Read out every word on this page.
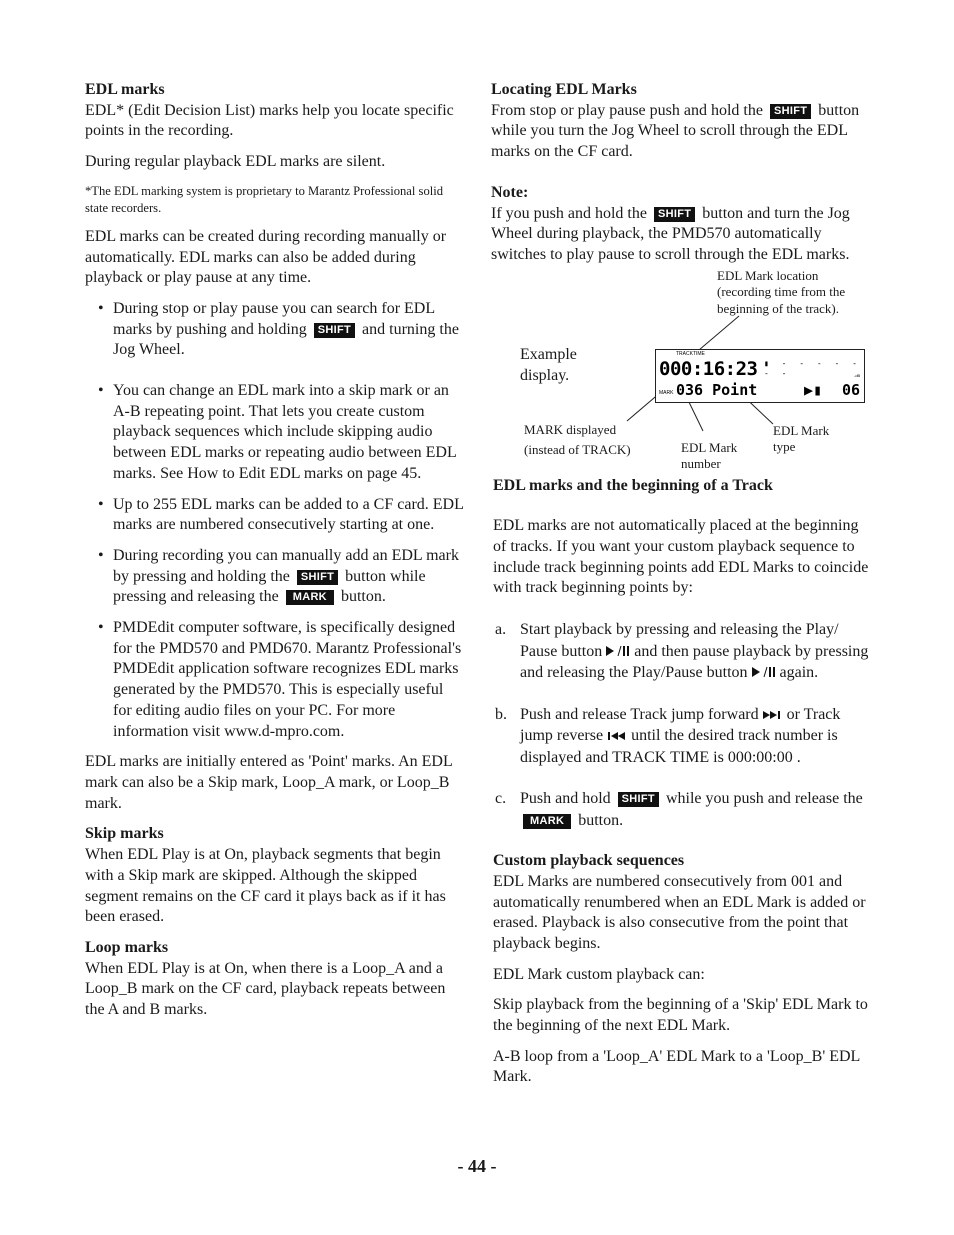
EDL marks

EDL* (Edit Decision List) marks help you locate specific points in the recording.

During regular playback EDL marks are silent.

*The EDL marking system is proprietary to Marantz Professional solid state recorders.

EDL marks can be created during recording manually or automatically. EDL marks can also be added during playback or play pause at any time.

• During stop or play pause you can search for EDL marks by pushing and holding SHIFT and turning the Jog Wheel.
• You can change an EDL mark into a skip mark or an A-B repeating point. That lets you create custom playback sequences which include skipping audio between EDL marks or repeating audio between EDL marks. See How to Edit EDL marks on page 45.
• Up to 255 EDL marks can be added to a CF card. EDL marks are numbered consecutively starting at one.
• During recording you can manually add an EDL mark by pressing and holding the SHIFT button while pressing and releasing the MARK button.
• PMDEdit computer software, is specifically designed for the PMD570 and PMD670. Marantz Professional's PMDEdit application software recognizes EDL marks generated by the PMD570. This is especially useful for editing audio files on your PC. For more information visit www.d-mpro.com.

EDL marks are initially entered as 'Point' marks. An EDL mark can also be a Skip mark, Loop_A mark, or Loop_B mark.

Skip marks

When EDL Play is at On, playback segments that begin with a Skip mark are skipped. Although the skipped segment remains on the CF card it plays back as if it has been erased.

Loop marks

When EDL Play is at On, when there is a Loop_A and a Loop_B mark on the CF card, playback repeats between the A and B marks.

Locating EDL Marks

From stop or play pause push and hold the SHIFT button while you turn the Jog Wheel to scroll through the EDL marks on the CF card.

Note:

If you push and hold the SHIFT button and turn the Jog Wheel during playback, the PMD570 automatically switches to play pause to scroll through the EDL marks.

EDL Mark location (recording time from the beginning of the track).
Example display.
TRACKTIME
000:16:23 ▮ - - - - - - -	-dB
MARK 036 Point	▶▮ 06
MARK displayed (instead of TRACK)	EDL Mark number
EDL Mark type
EDL marks and the beginning of a Track

EDL marks are not automatically placed at the beginning of tracks. If you want your custom playback sequence to include track beginning points add EDL Marks to coincide with track beginning points by:

a. Start playback by pressing and releasing the Play/ Pause button and then pause playback by pressing and releasing the Play/Pause button again.
b. Push and release Track jump forward or Track jump reverse until the desired track number is displayed and TRACK TIME is 000:00:00 .
c. Push and hold SHIFT while you push and release the MARK button.
Custom playback sequences

EDL Marks are numbered consecutively from 001 and automatically renumbered when an EDL Mark is added or erased. Playback is also consecutive from the point that playback begins.

EDL Mark custom playback can:

Skip playback from the beginning of a 'Skip' EDL Mark to the beginning of the next EDL Mark.

A-B loop from a 'Loop_A' EDL Mark to a 'Loop_B' EDL Mark.

- 44 -
